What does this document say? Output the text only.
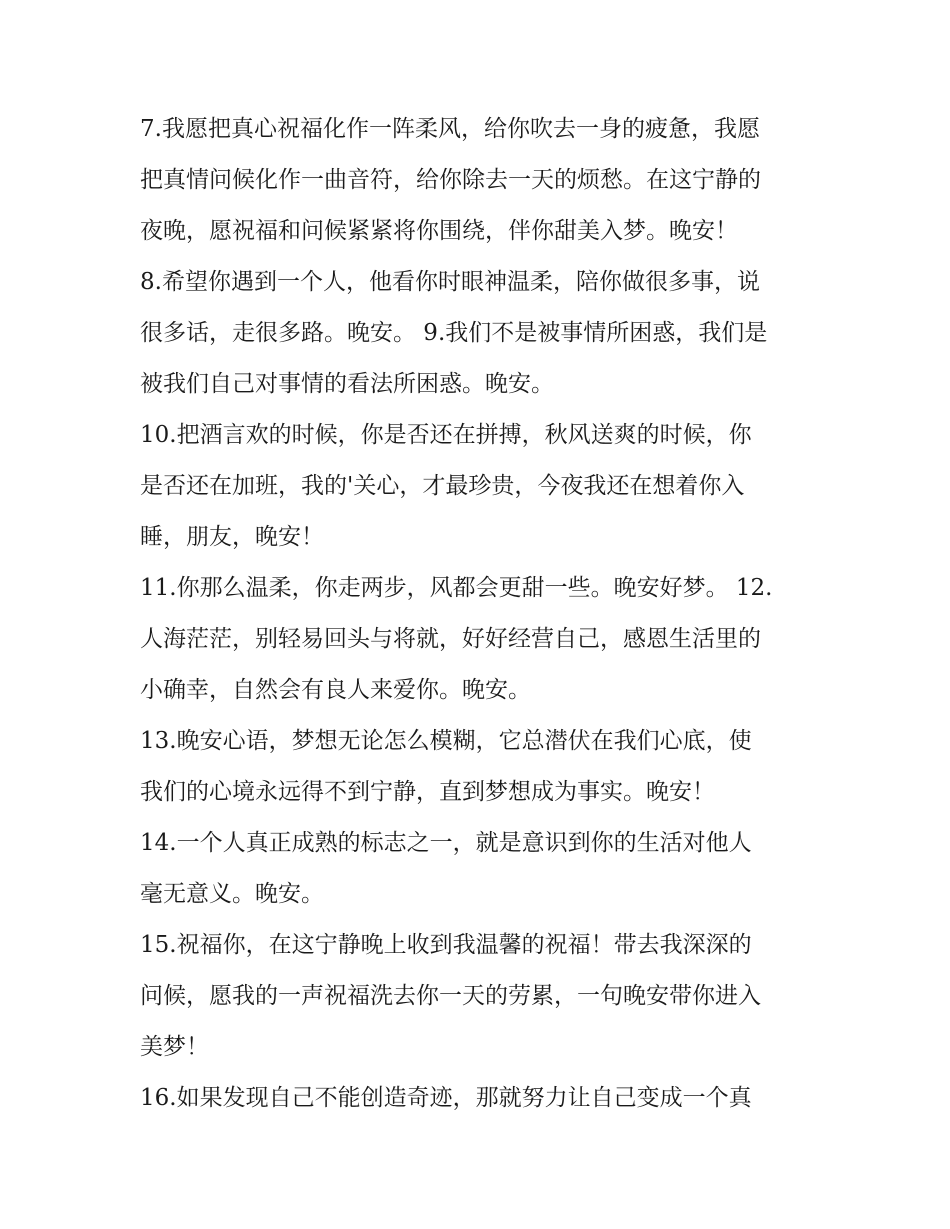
7.我愿把真心祝福化作一阵柔风，给你吹去一身的疲惫，我愿
把真情问候化作一曲音符，给你除去一天的烦愁。在这宁静的
夜晚，愿祝福和问候紧紧将你围绕，伴你甜美入梦。晚安！
8.希望你遇到一个人，他看你时眼神温柔，陪你做很多事，说
很多话，走很多路。晚安。 9.我们不是被事情所困惑，我们是
被我们自己对事情的看法所困惑。晚安。
10.把酒言欢的时候，你是否还在拼搏，秋风送爽的时候，你
是否还在加班，我的'关心，才最珍贵，今夜我还在想着你入
睡，朋友，晚安！
11.你那么温柔，你走两步，风都会更甜一些。晚安好梦。 12.
人海茫茫，别轻易回头与将就，好好经营自己，感恩生活里的
小确幸，自然会有良人来爱你。晚安。
13.晚安心语，梦想无论怎么模糊，它总潜伏在我们心底，使
我们的心境永远得不到宁静，直到梦想成为事实。晚安！
14.一个人真正成熟的标志之一，就是意识到你的生活对他人
毫无意义。晚安。
15.祝福你，在这宁静晚上收到我温馨的祝福！带去我深深的
问候，愿我的一声祝福洗去你一天的劳累，一句晚安带你进入
美梦！
16.如果发现自己不能创造奇迹，那就努力让自己变成一个真
